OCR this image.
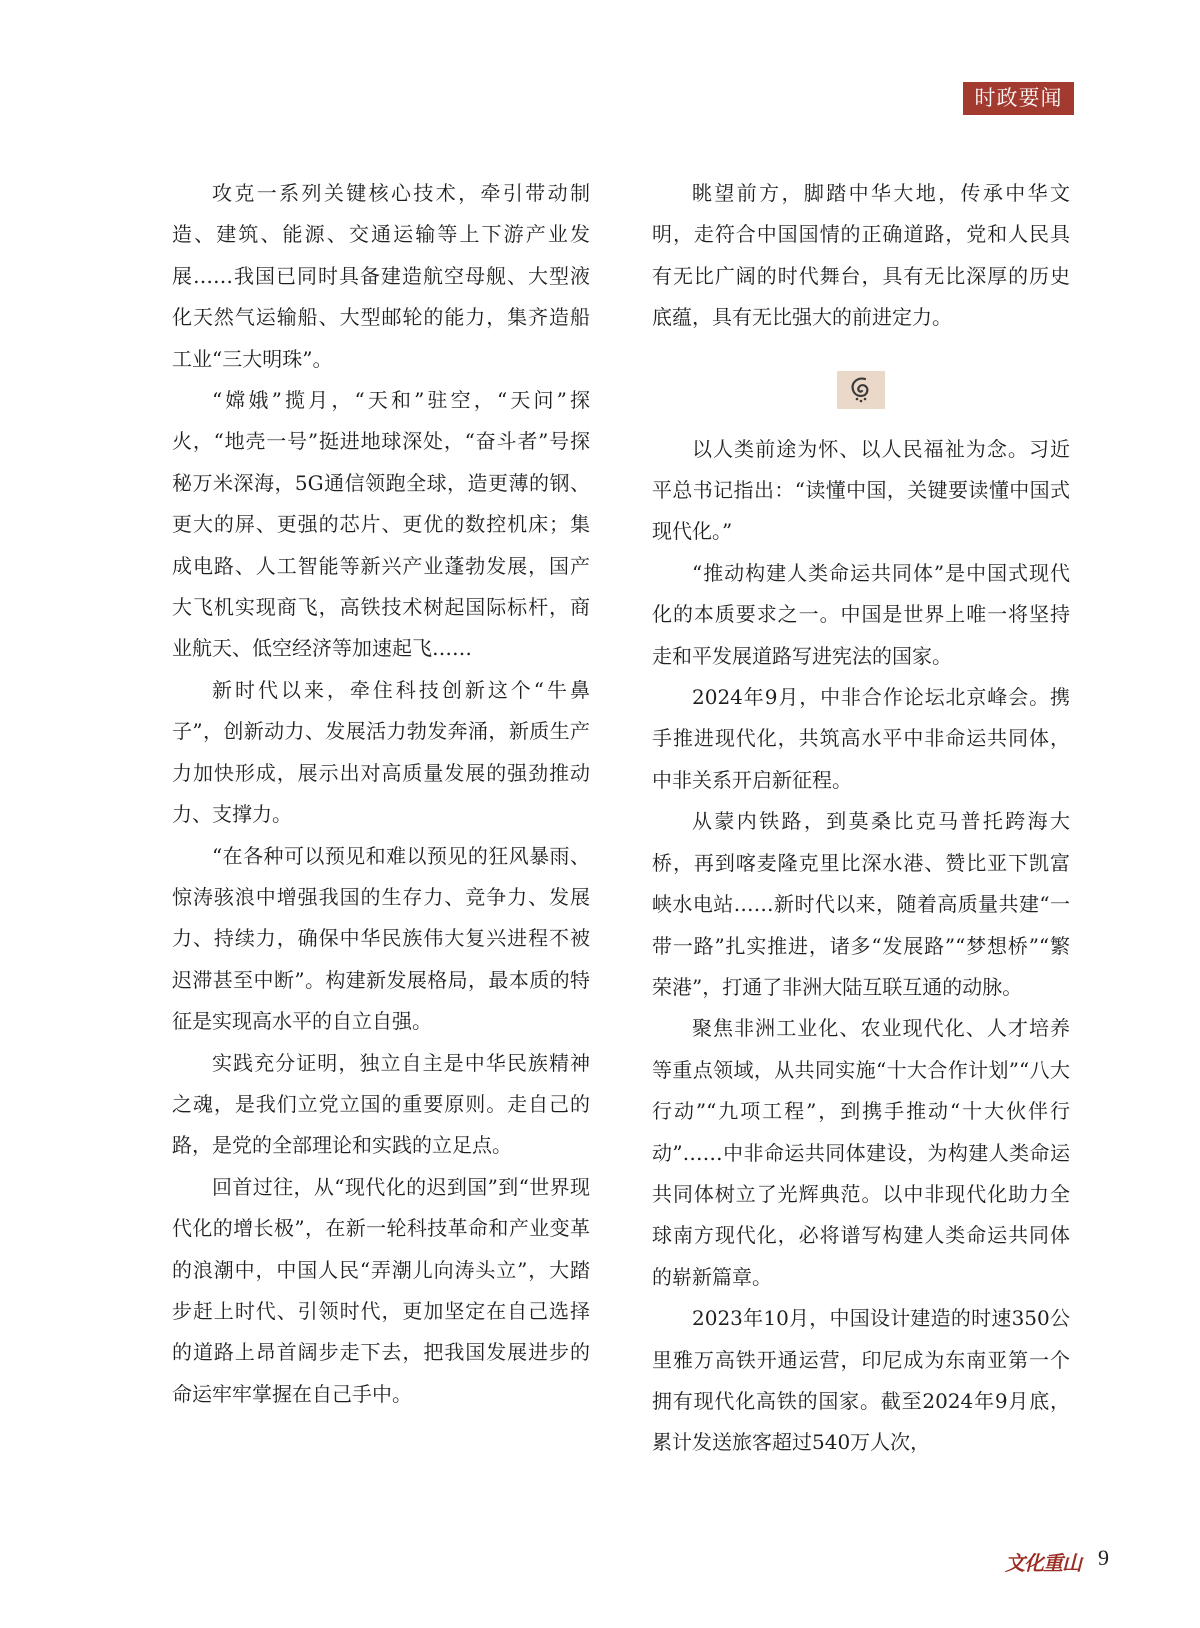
时政要闻

攻克一系列关键核心技术，牵引带动制造、建筑、能源、交通运输等上下游产业发展……我国已同时具备建造航空母舰、大型液化天然气运输船、大型邮轮的能力，集齐造船工业“三大明珠”。

“嫦娥”揽月，“天和”驻空，“天问”探火，“地壳一号”挺进地球深处，“奋斗者”号探秘万米深海，5G通信领跑全球，造更薄的钢、更大的屏、更强的芯片、更优的数控机床；集成电路、人工智能等新兴产业蓬勃发展，国产大飞机实现商飞，高铁技术树起国际标杆，商业航天、低空经济等加速起飞……

新时代以来，牵住科技创新这个“牛鼻子”，创新动力、发展活力勃发奔涌，新质生产力加快形成，展示出对高质量发展的强劲推动力、支撑力。

“在各种可以预见和难以预见的狂风暴雨、惊涛骇浪中增强我国的生存力、竞争力、发展力、持续力，确保中华民族伟大复兴进程不被迟滞甚至中断”。构建新发展格局，最本质的特征是实现高水平的自立自强。

实践充分证明，独立自主是中华民族精神之魂，是我们立党立国的重要原则。走自己的路，是党的全部理论和实践的立足点。

回首过往，从“现代化的迟到国”到“世界现代化的增长极”，在新一轮科技革命和产业变革的浪潮中，中国人民“弄潮儿向涛头立”，大踏步赶上时代、引领时代，更加坚定在自己选择的道路上昂首阔步走下去，把我国发展进步的命运牢牢掌握在自己手中。

眺望前方，脚踏中华大地，传承中华文明，走符合中国国情的正确道路，党和人民具有无比广阔的时代舞台，具有无比深厚的历史底蕴，具有无比强大的前进定力。

以人类前途为怀、以人民福祉为念。习近平总书记指出：“读懂中国，关键要读懂中国式现代化。”

“推动构建人类命运共同体”是中国式现代化的本质要求之一。中国是世界上唯一将坚持走和平发展道路写进宪法的国家。

2024年9月，中非合作论坛北京峰会。携手推进现代化，共筑高水平中非命运共同体，中非关系开启新征程。

从蒙内铁路，到莫桑比克马普托跨海大桥，再到喀麦隆克里比深水港、赞比亚下凯富峡水电站……新时代以来，随着高质量共建“一带一路”扎实推进，诸多“发展路”“梦想桥”“繁荣港”，打通了非洲大陆互联互通的动脉。

聚焦非洲工业化、农业现代化、人才培养等重点领域，从共同实施“十大合作计划”“八大行动”“九项工程”，到携手推动“十大伙伴行动”……中非命运共同体建设，为构建人类命运共同体树立了光辉典范。以中非现代化助力全球南方现代化，必将谱写构建人类命运共同体的崭新篇章。

2023年10月，中国设计建造的时速350公里雅万高铁开通运营，印尼成为东南亚第一个拥有现代化高铁的国家。截至2024年9月底，累计发送旅客超过540万人次，

文化重山 9
